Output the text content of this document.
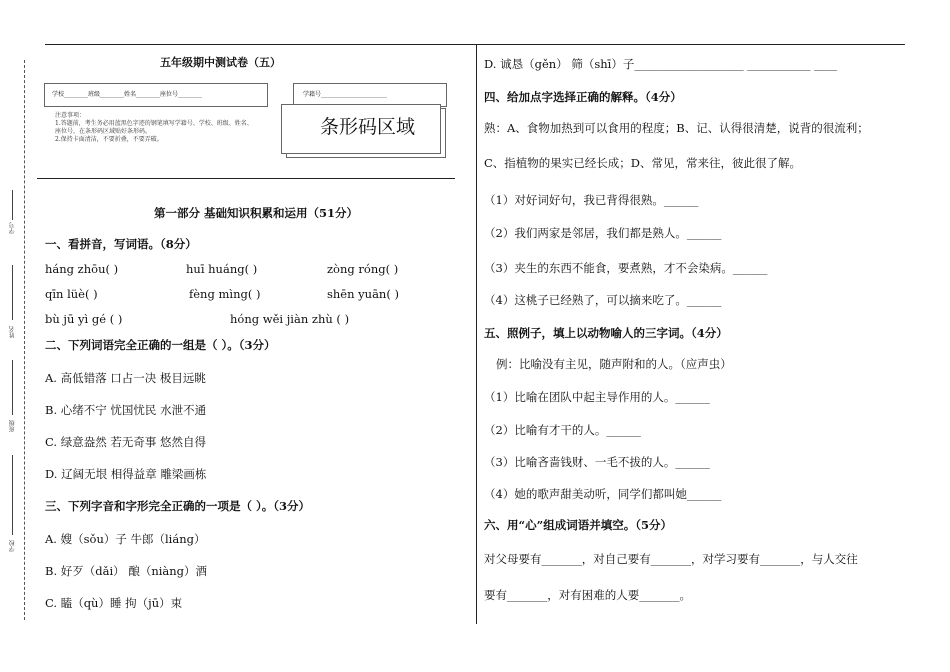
学号
姓名
班级
学校
五年级期中测试卷（五）
学校________班级________姓名________座位号________
注意事项：
1.答题前，考生务必用蓝黑色字迹的钢笔填写学籍号、学校、班级、姓名、
座位号，在条形码区域贴好条形码。
2.保持卡面清洁，不要折叠，不要弄破。
学籍号______________________
条形码区域
第一部分 基础知识积累和运用（51分）
一、看拼音，写词语。（8分）
háng zhōu( )	huī huáng( )	zòng róng( )
qīn lüè( )	fèng mìng( )	shēn yuān( )
bù jū yì gé ( )	hóng wěi jiàn zhù ( )
二、下列词语完全正确的一组是（ ）。（3分）
A. 高低错落 口占一决 极目远眺
B. 心绪不宁 忧国忧民 水泄不通
C. 绿意盎然 若无奇事 悠然自得
D. 辽阔无垠 相得益章 雕梁画栋
三、下列字音和字形完全正确的一项是（ ）。（3分）
A. 嫂（sǒu）子 牛郎（liáng）
B. 好歹（dǎi） 酿（niàng）酒
C. 瞌（qù）睡 拘（jū）束
D. 诚恳（gěn） 筛（shī）子___________________ ___________ ____
四、给加点字选择正确的解释。（4分）
熟：A、食物加热到可以食用的程度；B、记、认得很清楚，说背的很流利；
C、指植物的果实已经长成；D、常见，常来往，彼此很了解。
（1）对好词好句，我已背得很熟。______
（2）我们两家是邻居，我们都是熟人。______
（3）夹生的东西不能食，要煮熟，才不会染病。______
（4）这桃子已经熟了，可以摘来吃了。______
五、照例子，填上以动物喻人的三字词。（4分）
例：比喻没有主见，随声附和的人。（应声虫）
（1）比喻在团队中起主导作用的人。______
（2）比喻有才干的人。______
（3）比喻吝啬钱财、一毛不拔的人。______
（4）她的歌声甜美动听，同学们都叫她______
六、用“心”组成词语并填空。（5分）
对父母要有_______，对自己要有_______，对学习要有_______，与人交往
要有_______，对有困难的人要_______。
